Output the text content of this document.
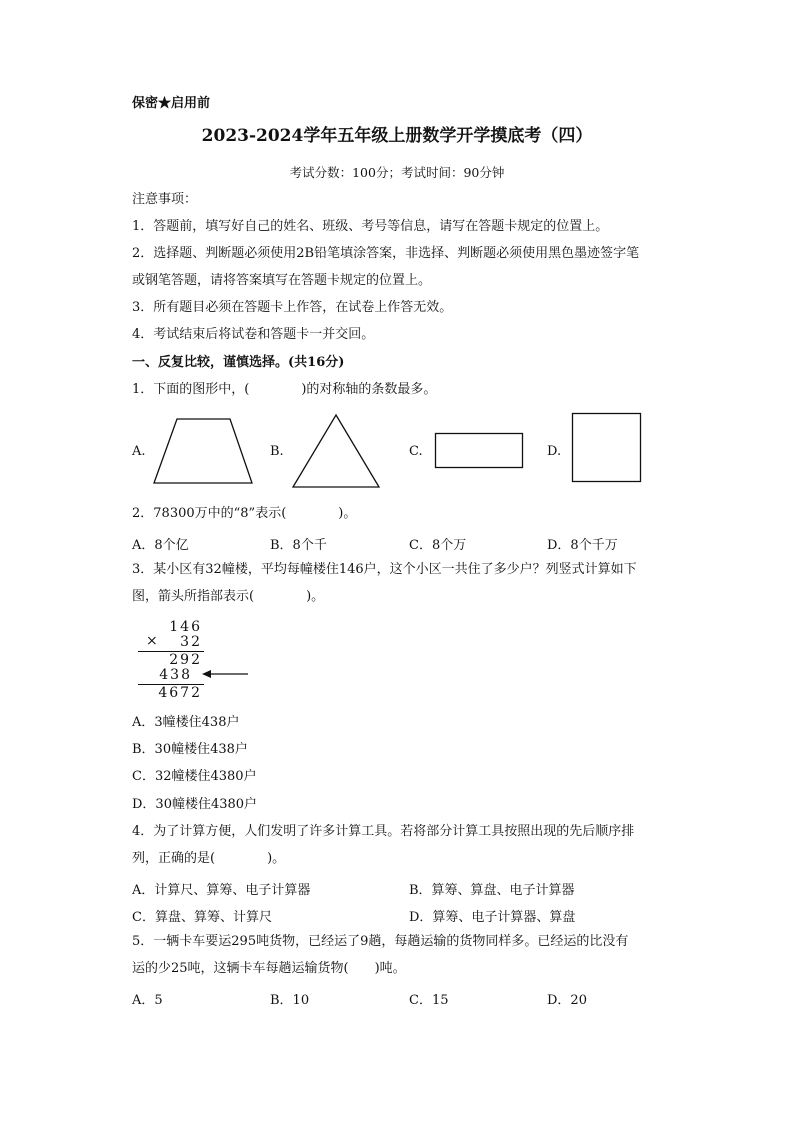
保密★启用前
2023-2024学年五年级上册数学开学摸底考（四）
考试分数：100分；考试时间：90分钟
注意事项：
1．答题前，填写好自己的姓名、班级、考号等信息，请写在答题卡规定的位置上。
2．选择题、判断题必须使用2B铅笔填涂答案，非选择、判断题必须使用黑色墨迹签字笔
或钢笔答题，请将答案填写在答题卡规定的位置上。
3．所有题目必须在答题卡上作答，在试卷上作答无效。
4．考试结束后将试卷和答题卡一并交回。
一、反复比较，谨慎选择。(共16分)
1．下面的图形中，(　　　　)的对称轴的条数最多。
A.	B.	C.	D.
2．78300万中的“8”表示(　　　　)。
A．8个亿	B．8个千	C．8个万	D．8个千万
3．某小区有32幢楼，平均每幢楼住146户，这个小区一共住了多少户？列竖式计算如下
图，箭头所指部表示(　　　　)。
146
32
×
292
438
4672
A．3幢楼住438户
B．30幢楼住438户
C．32幢楼住4380户
D．30幢楼住4380户
4．为了计算方便，人们发明了许多计算工具。若将部分计算工具按照出现的先后顺序排
列，正确的是(　　　　)。
A．计算尺、算筹、电子计算器	B．算筹、算盘、电子计算器
C．算盘、算筹、计算尺	D．算筹、电子计算器、算盘
5．一辆卡车要运295吨货物，已经运了9趟，每趟运输的货物同样多。已经运的比没有
运的少25吨，这辆卡车每趟运输货物(　　)吨。
A．5	B．10	C．15	D．20
